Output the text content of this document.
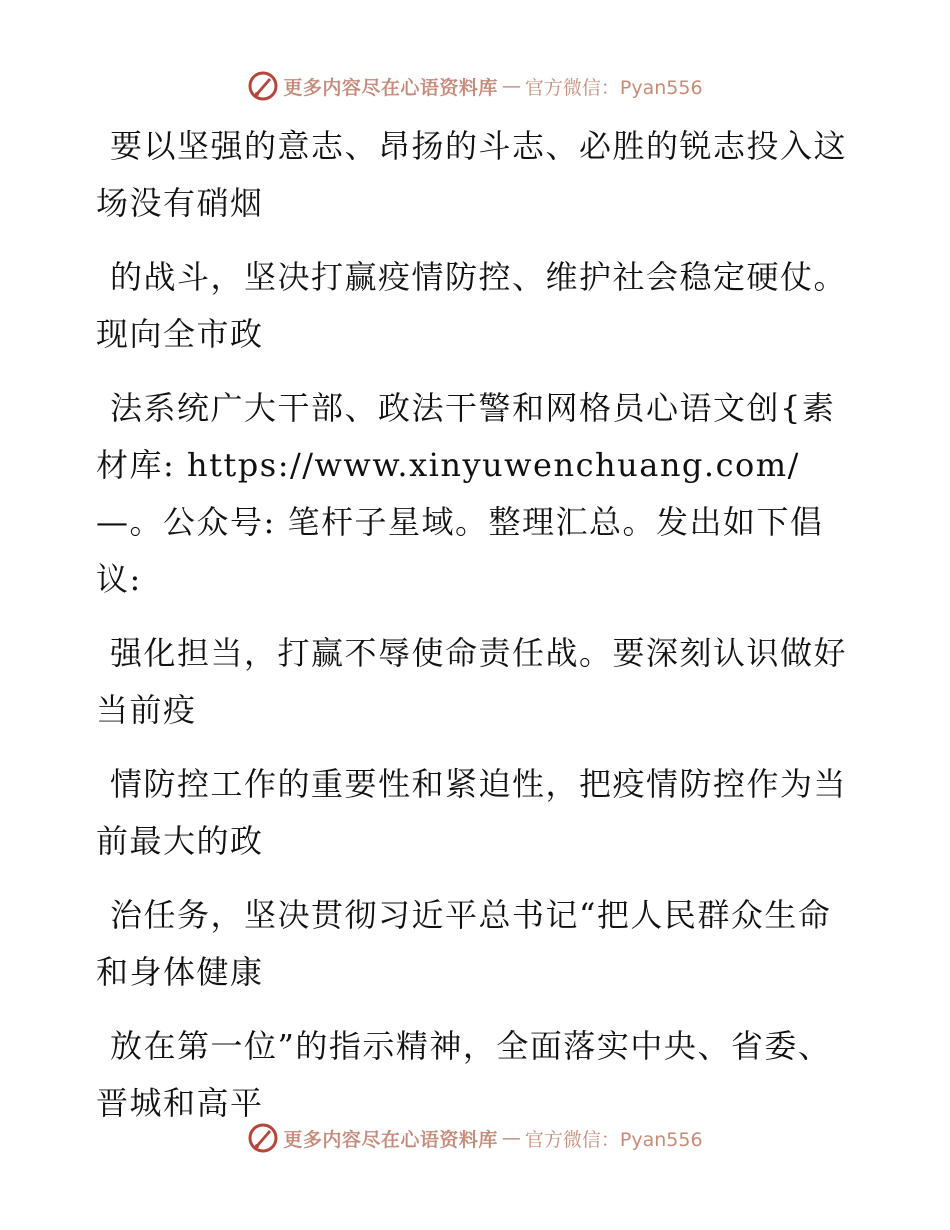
更多内容尽在心语资料库 — 官方微信：Pyan556

要以坚强的意志、昂扬的斗志、必胜的锐志投入这场没有硝烟

的战斗，坚决打赢疫情防控、维护社会稳定硬仗。现向全市政

法系统广大干部、政法干警和网格员心语文创{素材库: https://www.xinyuwenchuang.com/—。公众号: 笔杆子星域。整理汇总。发出如下倡议:

强化担当，打赢不辱使命责任战。要深刻认识做好当前疫

情防控工作的重要性和紧迫性，把疫情防控作为当前最大的政

治任务，坚决贯彻习近平总书记“把人民群众生命和身体健康

放在第一位”的指示精神，全面落实中央、省委、晋城和高平

更多内容尽在心语资料库 — 官方微信：Pyan556
